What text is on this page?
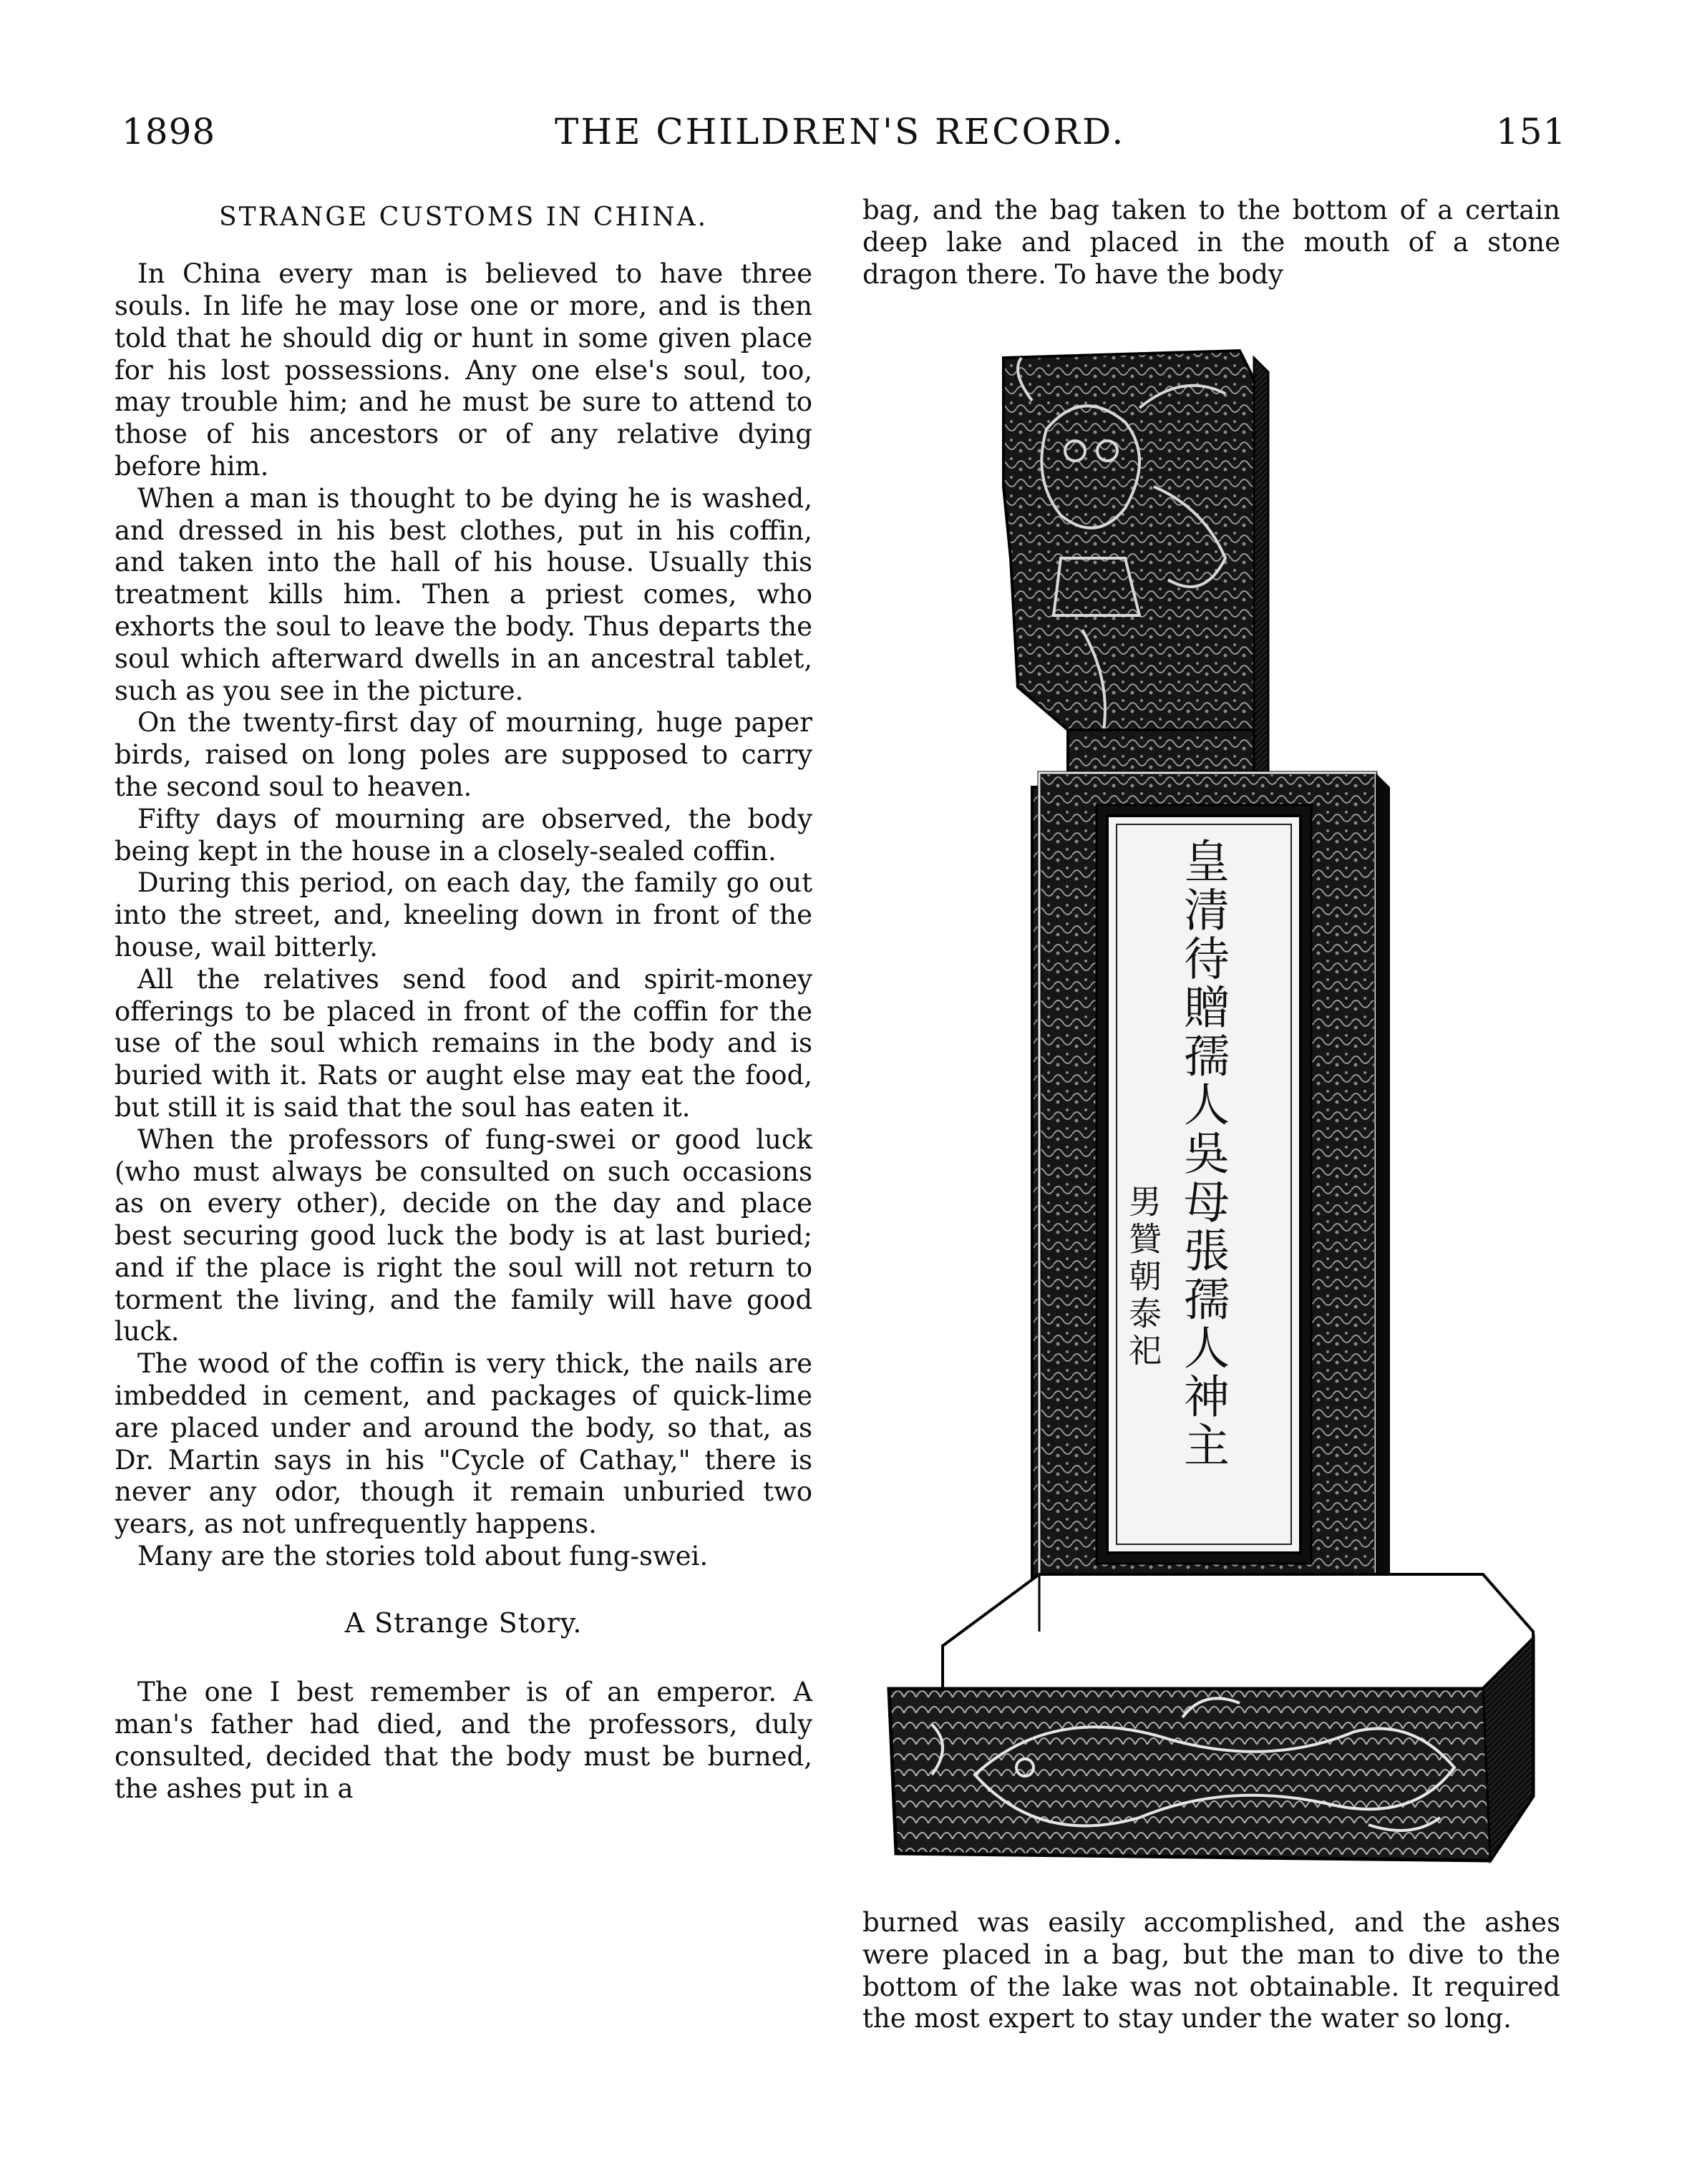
1898	THE CHILDREN'S RECORD.	151
STRANGE CUSTOMS IN CHINA.

In China every man is believed to have three souls. In life he may lose one or more, and is then told that he should dig or hunt in some given place for his lost possessions. Any one else's soul, too, may trouble him; and he must be sure to attend to those of his ancestors or of any relative dying before him.

When a man is thought to be dying he is washed, and dressed in his best clothes, put in his coffin, and taken into the hall of his house. Usually this treatment kills him. Then a priest comes, who exhorts the soul to leave the body. Thus departs the soul which afterward dwells in an ancestral tablet, such as you see in the picture.

On the twenty-first day of mourning, huge paper birds, raised on long poles are supposed to carry the second soul to heaven.

Fifty days of mourning are observed, the body being kept in the house in a closely-sealed coffin.

During this period, on each day, the family go out into the street, and, kneeling down in front of the house, wail bitterly.

All the relatives send food and spirit-money offerings to be placed in front of the coffin for the use of the soul which remains in the body and is buried with it. Rats or aught else may eat the food, but still it is said that the soul has eaten it.

When the professors of fung-swei or good luck (who must always be consulted on such occasions as on every other), decide on the day and place best securing good luck the body is at last buried; and if the place is right the soul will not return to torment the living, and the family will have good luck.

The wood of the coffin is very thick, the nails are imbedded in cement, and packages of quick-lime are placed under and around the body, so that, as Dr. Martin says in his "Cycle of Cathay," there is never any odor, though it remain unburied two years, as not unfrequently happens.

Many are the stories told about fung-swei.

A Strange Story.

The one I best remember is of an emperor. A man's father had died, and the professors, duly consulted, decided that the body must be burned, the ashes put in a

bag, and the bag taken to the bottom of a certain deep lake and placed in the mouth of a stone dragon there. To have the body

皇清待贈孺人吳母張孺人神主
男贊朝泰祀

burned was easily accomplished, and the ashes were placed in a bag, but the man to dive to the bottom of the lake was not obtainable. It required the most expert to stay under the water so long.
